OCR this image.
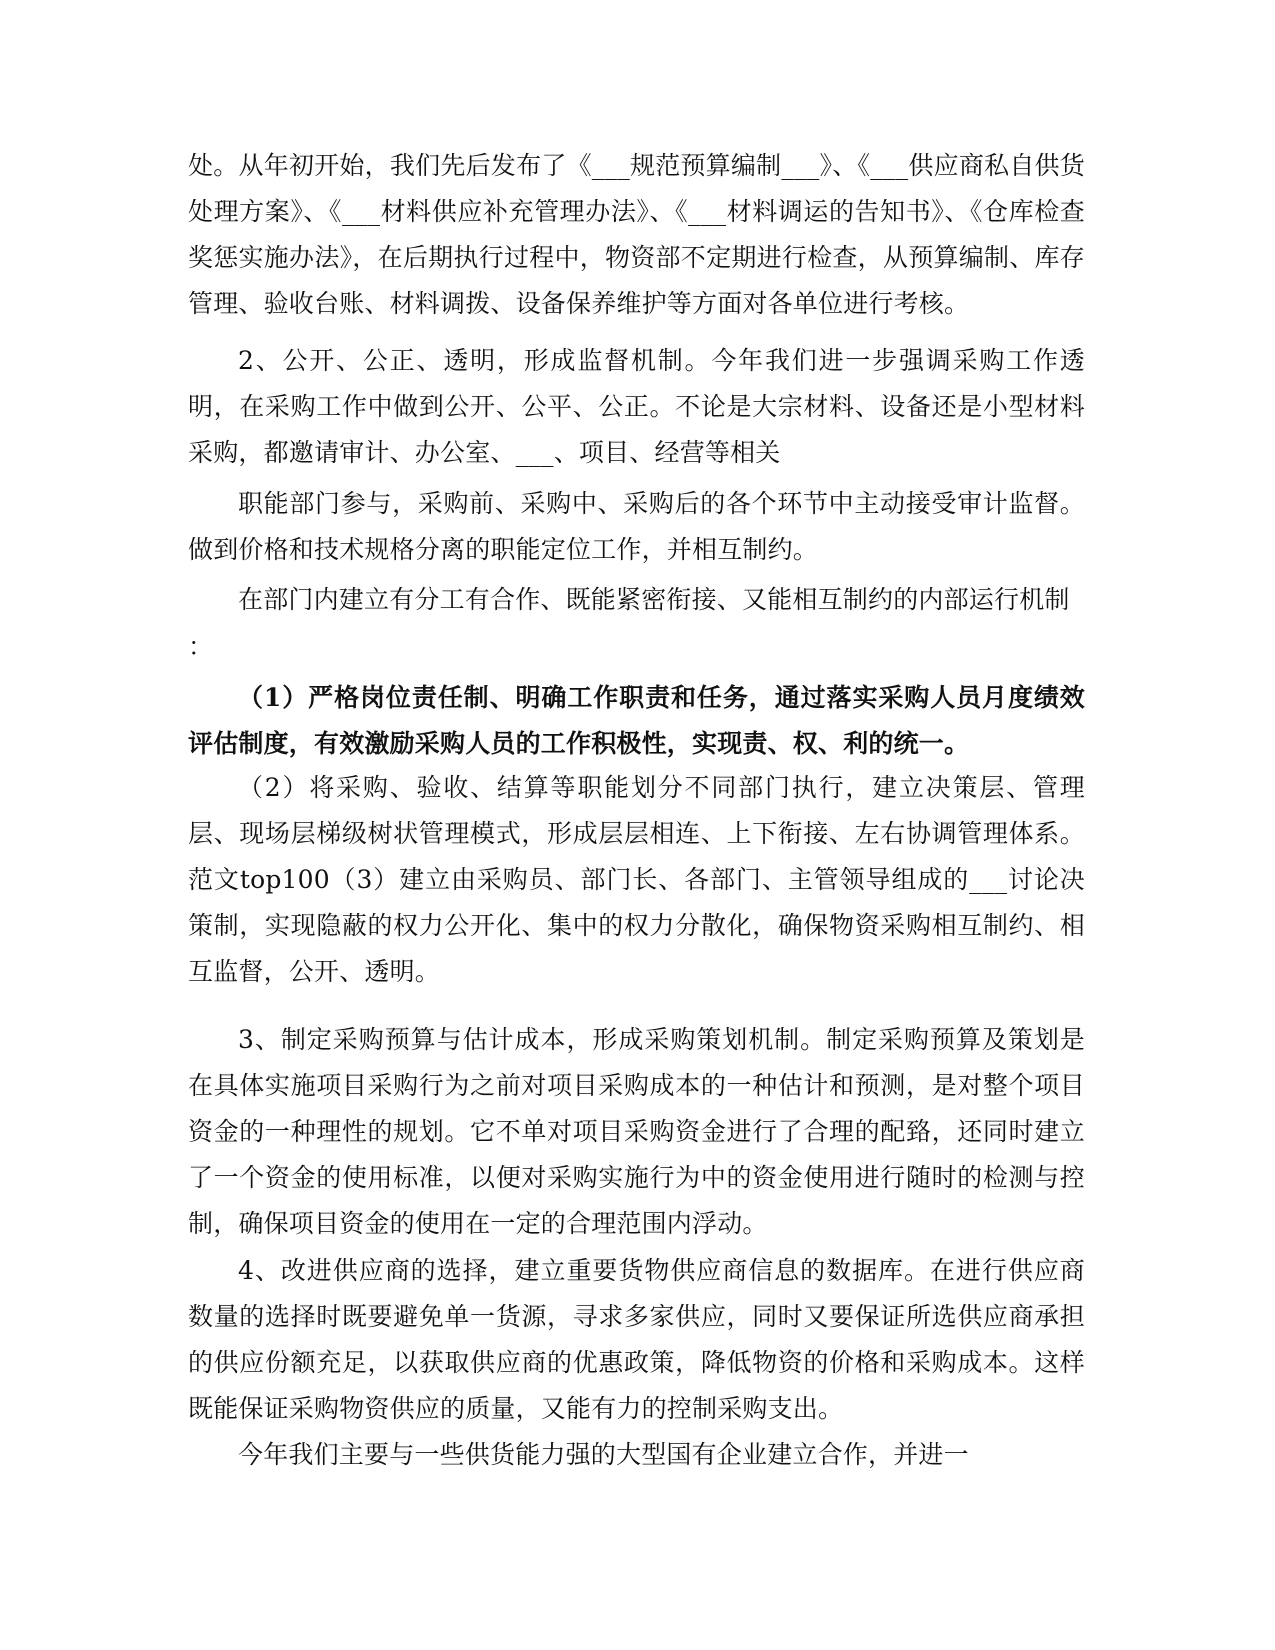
处。从年初开始，我们先后发布了《___规范预算编制___》、《___供应商私自供货处理方案》、《___材料供应补充管理办法》、《___材料调运的告知书》、《仓库检查奖惩实施办法》，在后期执行过程中，物资部不定期进行检查，从预算编制、库存管理、验收台账、材料调拨、设备保养维护等方面对各单位进行考核。

2、公开、公正、透明，形成监督机制。今年我们进一步强调采购工作透明，在采购工作中做到公开、公平、公正。不论是大宗材料、设备还是小型材料采购，都邀请审计、办公室、___、项目、经营等相关

职能部门参与，采购前、采购中、采购后的各个环节中主动接受审计监督。做到价格和技术规格分离的职能定位工作，并相互制约。

在部门内建立有分工有合作、既能紧密衔接、又能相互制约的内部运行机制

：

（1）严格岗位责任制、明确工作职责和任务，通过落实采购人员月度绩效评估制度，有效激励采购人员的工作积极性，实现责、权、利的统一。

（2）将采购、验收、结算等职能划分不同部门执行，建立决策层、管理层、现场层梯级树状管理模式，形成层层相连、上下衔接、左右协调管理体系。范文top100（3）建立由采购员、部门长、各部门、主管领导组成的___讨论决策制，实现隐蔽的权力公开化、集中的权力分散化，确保物资采购相互制约、相互监督，公开、透明。

3、制定采购预算与估计成本，形成采购策划机制。制定采购预算及策划是在具体实施项目采购行为之前对项目采购成本的一种估计和预测，是对整个项目资金的一种理性的规划。它不单对项目采购资金进行了合理的配臵，还同时建立了一个资金的使用标准，以便对采购实施行为中的资金使用进行随时的检测与控制，确保项目资金的使用在一定的合理范围内浮动。

4、改进供应商的选择，建立重要货物供应商信息的数据库。在进行供应商数量的选择时既要避免单一货源，寻求多家供应，同时又要保证所选供应商承担的供应份额充足，以获取供应商的优惠政策，降低物资的价格和采购成本。这样既能保证采购物资供应的质量，又能有力的控制采购支出。

今年我们主要与一些供货能力强的大型国有企业建立合作，并进一
